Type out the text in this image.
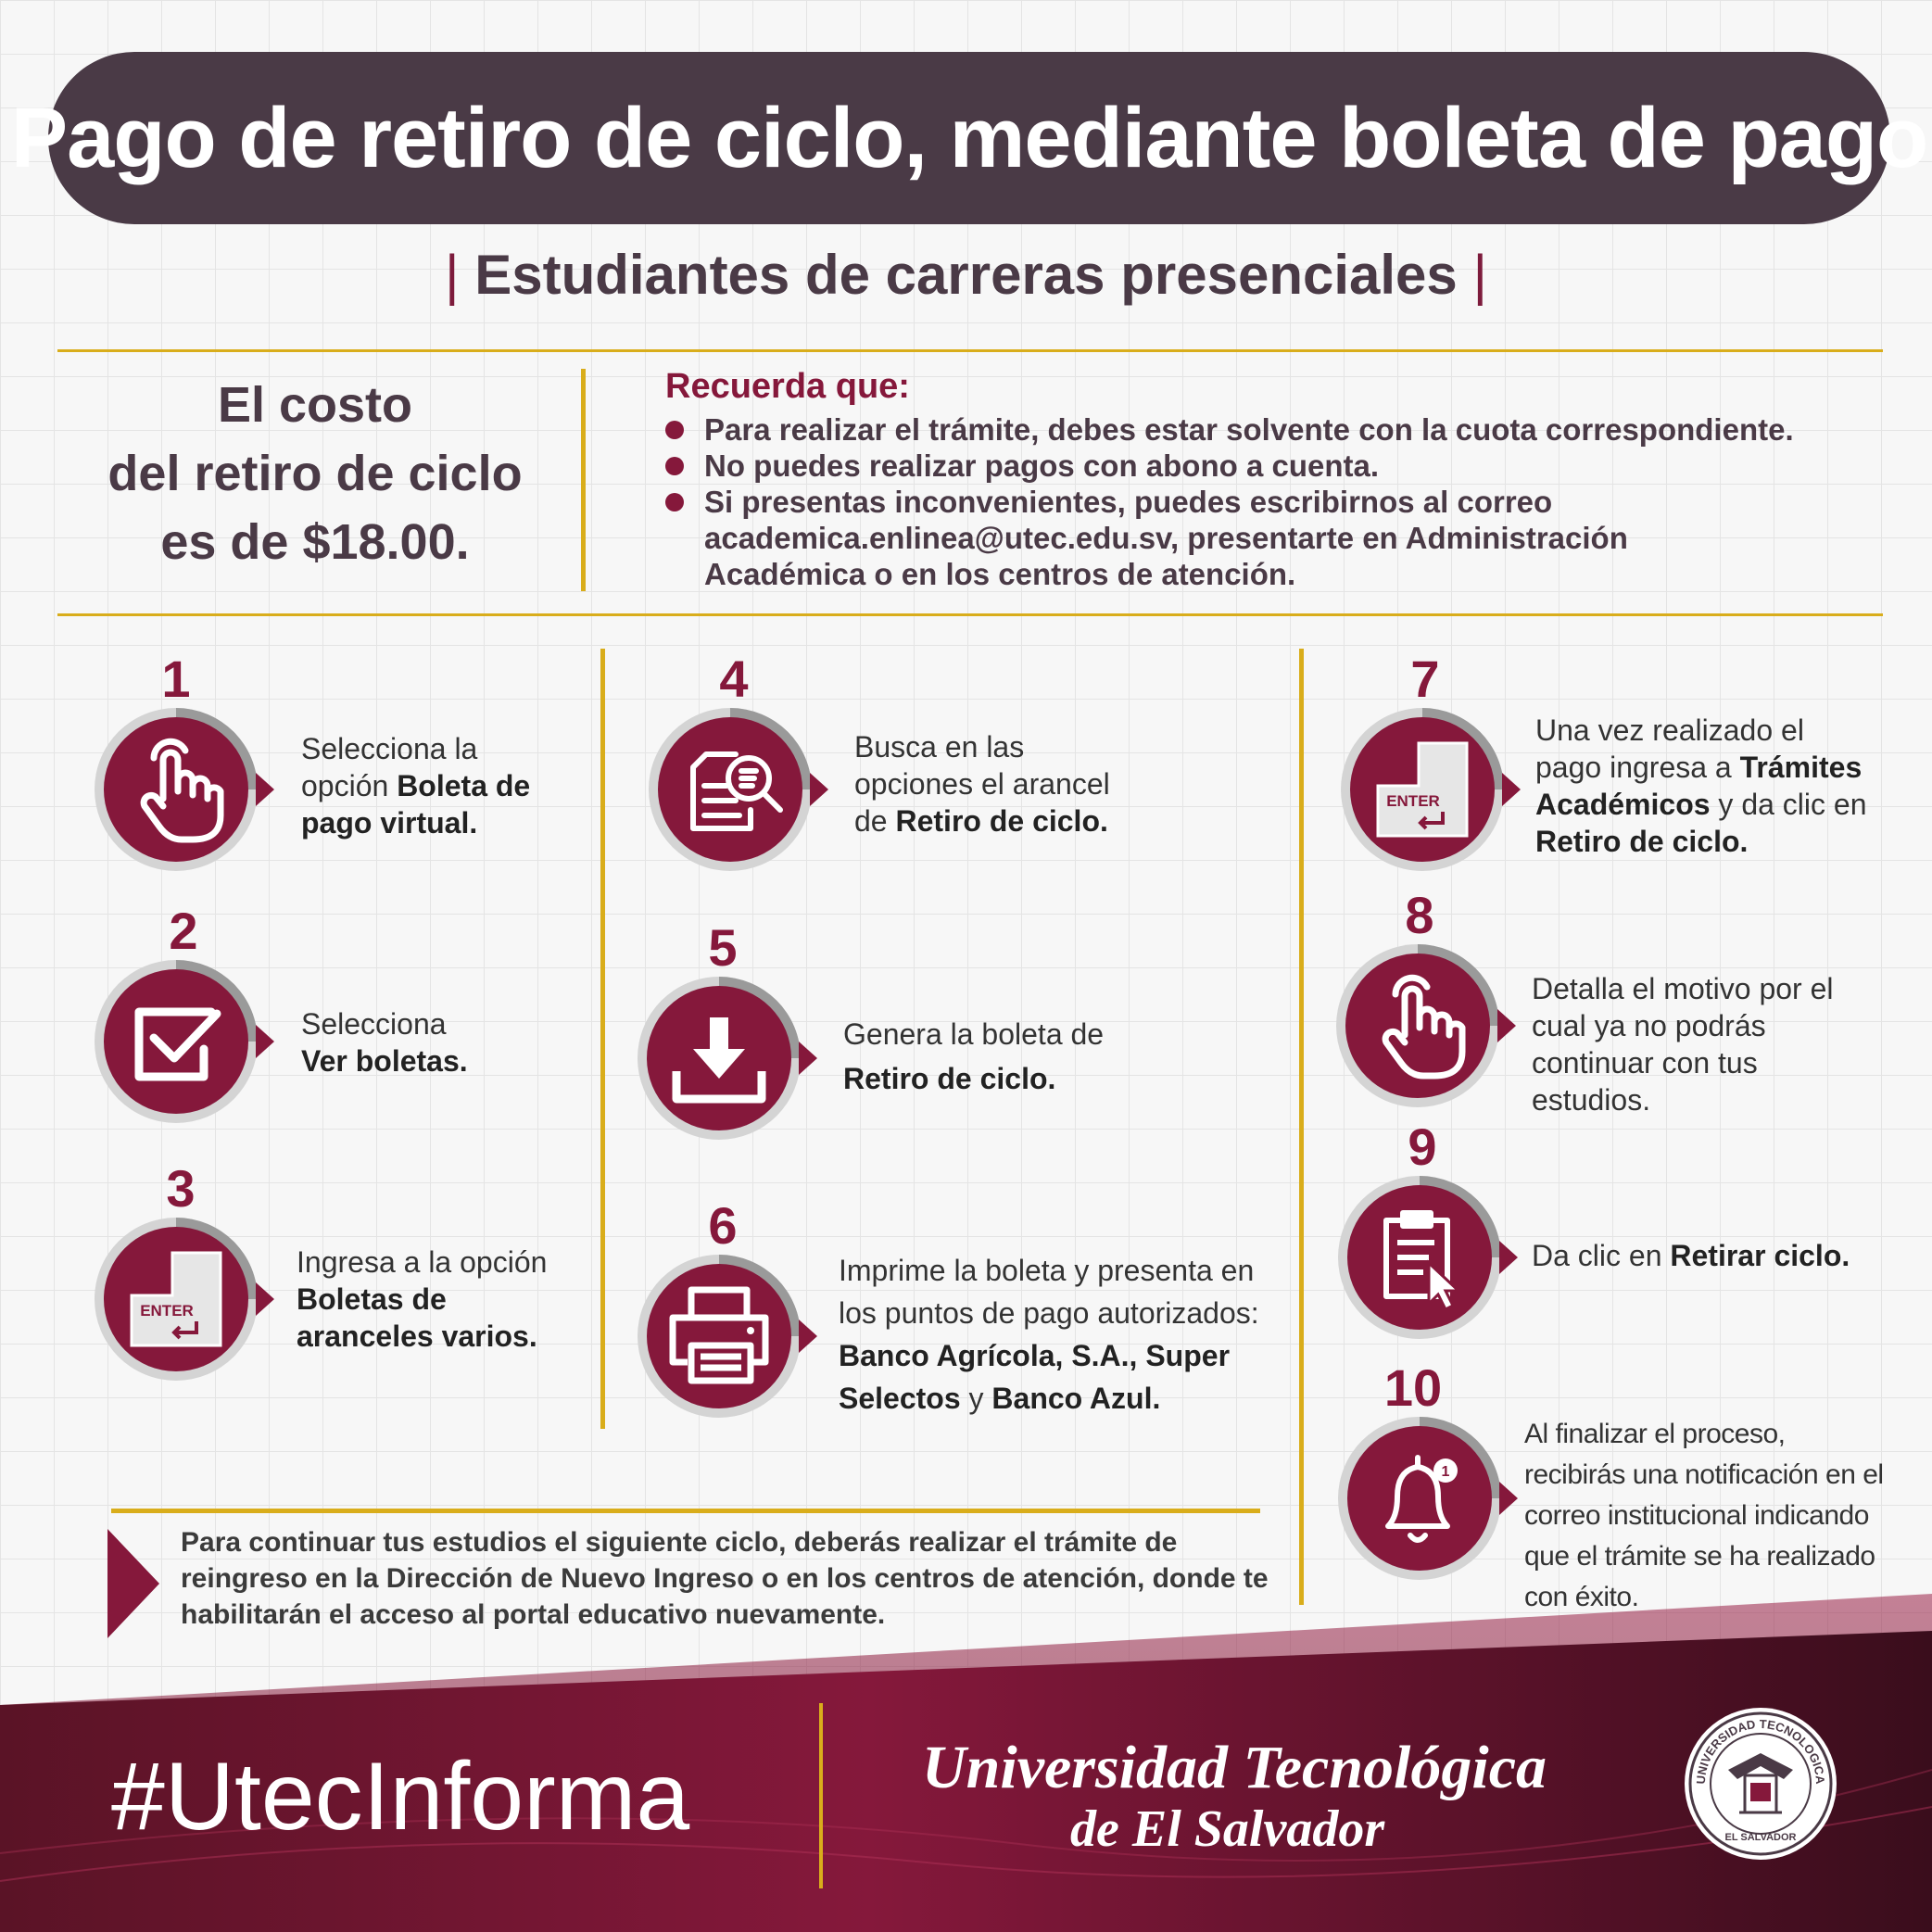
Pago de retiro de ciclo, mediante boleta de pago
| Estudiantes de carreras presenciales |
El costo
del retiro de ciclo
es de $18.00.
Recuerda que:
Para realizar el trámite, debes estar solvente con la cuota correspondiente.
No puedes realizar pagos con abono a cuenta.
Si presentas inconvenientes, puedes escribirnos al correo academica.enlinea@utec.edu.sv, presentarte en Administración Académica o en los centros de atención.
1
Selecciona la opción Boleta de pago virtual.
2
Selecciona
Ver boletas.
3
ENTER
Ingresa a la opción Boletas de aranceles varios.
4
Busca en las opciones el arancel de Retiro de ciclo.
5
Genera la boleta de
Retiro de ciclo.
6
Imprime la boleta y presenta en los puntos de pago autorizados: Banco Agrícola, S.A., Super Selectos y Banco Azul.
7
ENTER
Una vez realizado el pago ingresa a Trámites Académicos y da clic en Retiro de ciclo.
8
Detalla el motivo por el cual ya no podrás continuar con tus estudios.
9
Da clic en Retirar ciclo.
10
1
Al finalizar el proceso, recibirás una notificación en el correo institucional indicando que el trámite se ha realizado con éxito.
Para continuar tus estudios el siguiente ciclo, deberás realizar el trámite de reingreso en la Dirección de Nuevo Ingreso o en los centros de atención, donde te habilitarán el acceso al portal educativo nuevamente.
#UtecInforma	Universidad Tecnológica
de El Salvador
UNIVERSIDAD TECNOLOGICA
EL SALVADOR
